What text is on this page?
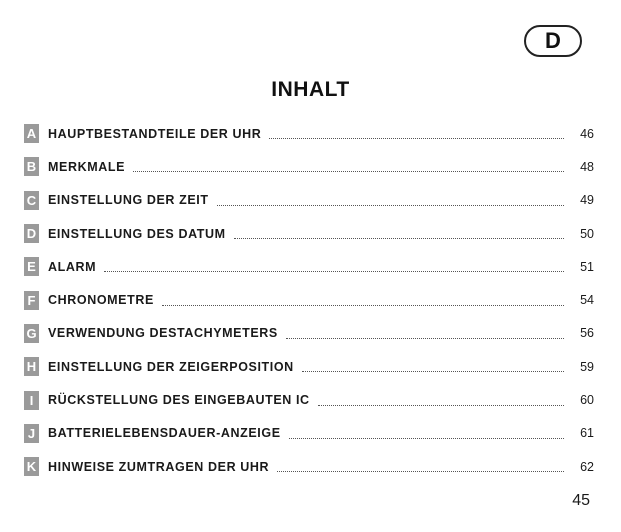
D
INHALT
A HAUPTBESTANDTEILE DER UHR	46
B MERKMALE	48
C EINSTELLUNG DER ZEIT	49
D EINSTELLUNG DES DATUM	50
E ALARM	51
F CHRONOMETRE	54
G VERWENDUNG DESTACHYMETERS	56
H EINSTELLUNG DER ZEIGERPOSITION	59
I	RÜCKSTELLUNG DES EINGEBAUTEN IC	60
J	BATTERIELEBENSDAUER-ANZEIGE	61
K HINWEISE ZUMTRAGEN DER UHR	62
45
